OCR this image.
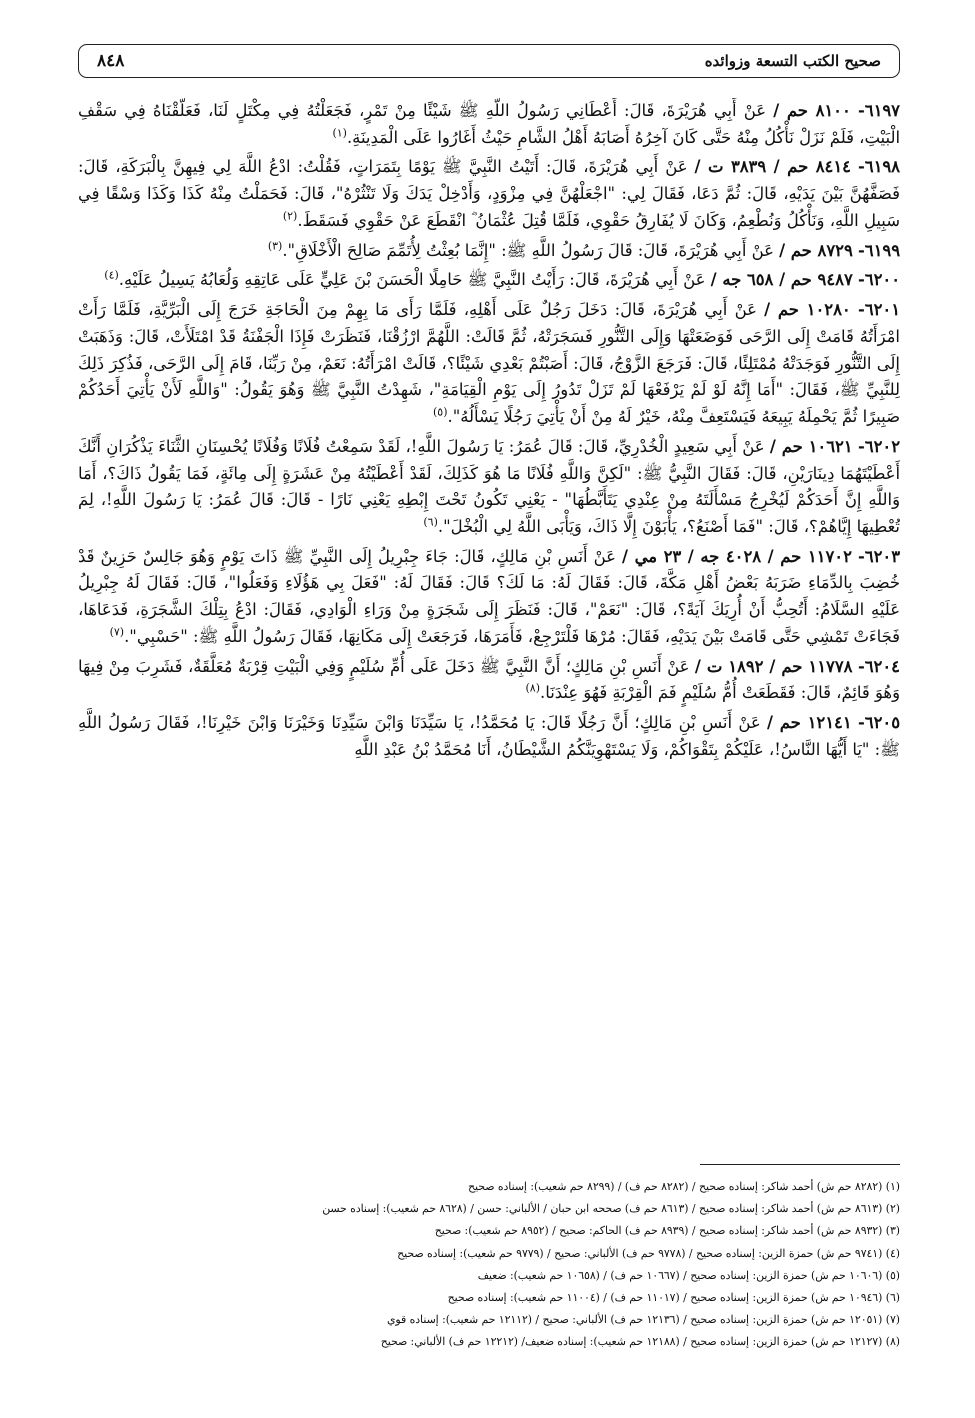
صحيح الكتب التسعة وزوائده
٨٤٨

٦١٩٧- ٨١٠٠ حم / عَنْ أَبِي هُرَيْرَةَ، قَالَ: أَعْطَانِي رَسُولُ اللَّهِ ﷺ شَيْئًا مِنْ تَمْرٍ، فَجَعَلْتُهُ فِي مِكْتَلٍ لَنَا، فَعَلَّقْنَاهُ فِي سَقْفِ الْبَيْتِ، فَلَمْ نَزَلْ نَأْكُلُ مِنْهُ حَتَّى كَانَ آخِرُهُ أَصَابَهُ أَهْلُ الشَّامِ حَيْثُ أَغَارُوا عَلَى الْمَدِينَةِ.$^{(١)}$

٦١٩٨- ٨٤١٤ حم / ٣٨٣٩ ت / عَنْ أَبِي هُرَيْرَةَ، قَالَ: أَتَيْتُ النَّبِيَّ ﷺ يَوْمًا بِتَمَرَاتٍ، فَقُلْتُ: ادْعُ اللَّهَ لِي فِيهِنَّ بِالْبَرَكَةِ، قَالَ: فَصَفَّهُنَّ بَيْنَ يَدَيْهِ، قَالَ: ثُمَّ دَعَا، فَقَالَ لِي: "اجْعَلْهُنَّ فِي مِزْوَدٍ، وَأَدْخِلْ يَدَكَ وَلَا تَنْثُرْهُ"، قَالَ: فَحَمَلْتُ مِنْهُ كَذَا وَكَذَا وَسْقًا فِي سَبِيلِ اللَّهِ، وَنَأْكُلُ وَنُطْعِمُ، وَكَانَ لَا يُفَارِقُ حَقْوِي، فَلَمَّا قُتِلَ عُثْمَانُ ؓ انْقَطَعَ عَنْ حَقْوِي فَسَقَطَ.$^{(٢)}$

٦١٩٩- ٨٧٢٩ حم / عَنْ أَبِي هُرَيْرَةَ، قَالَ: قَالَ رَسُولُ اللَّهِ ﷺ: "إِنَّمَا بُعِثْتُ لِأُتَمِّمَ صَالِحَ الْأَخْلَاقِ".$^{(٣)}$

٦٢٠٠- ٩٤٨٧ حم / ٦٥٨ جه / عَنْ أَبِي هُرَيْرَةَ، قَالَ: رَأَيْتُ النَّبِيَّ ﷺ حَامِلًا الْحَسَنَ بْنَ عَلِيٍّ عَلَى عَاتِقِهِ وَلُعَابُهُ يَسِيلُ عَلَيْهِ.$^{(٤)}$

٦٢٠١- ١٠٢٨٠ حم / عَنْ أَبِي هُرَيْرَةَ، قَالَ: دَخَلَ رَجُلٌ عَلَى أَهْلِهِ، فَلَمَّا رَأَى مَا بِهِمْ مِنَ الْحَاجَةِ خَرَجَ إِلَى الْبَرِّيَّةِ، فَلَمَّا رَأَتْ امْرَأَتُهُ قَامَتْ إِلَى الرَّحَى فَوَضَعَتْهَا وَإِلَى التَّنُّورِ فَسَجَرَتْهُ، ثُمَّ قَالَتْ: اللَّهُمَّ ارْزُقْنَا، فَنَظَرَتْ فَإِذَا الْجَفْنَةُ قَدْ امْتَلَأَتْ، قَالَ: وَذَهَبَتْ إِلَى التَّنُّورِ فَوَجَدَتْهُ مُمْتَلِئًا، قَالَ: فَرَجَعَ الزَّوْجُ، قَالَ: أَصَبْتُمْ بَعْدِي شَيْئًا؟، قَالَتْ امْرَأَتُهُ: نَعَمْ، مِنْ رَبِّنَا، قَامَ إِلَى الرَّحَى، فَذُكِرَ ذَلِكَ لِلنَّبِيِّ ﷺ، فَقَالَ: "أَمَا إِنَّهُ لَوْ لَمْ يَرْفَعْهَا لَمْ تَزَلْ تَدُورُ إِلَى يَوْمِ الْقِيَامَةِ"، شَهِدْتُ النَّبِيَّ ﷺ وَهُوَ يَقُولُ: "وَاللَّهِ لَأَنْ يَأْتِيَ أَحَدُكُمْ صَبِيرًا ثُمَّ يَحْمِلَهُ يَبِيعَهُ فَيَسْتَعِفَّ مِنْهُ، خَيْرٌ لَهُ مِنْ أَنْ يَأْتِيَ رَجُلًا يَسْأَلُهُ".$^{(٥)}$

٦٢٠٢- ١٠٦٢١ حم / عَنْ أَبِي سَعِيدٍ الْخُدْرِيِّ، قَالَ: قَالَ عُمَرُ: يَا رَسُولَ اللَّهِ!، لَقَدْ سَمِعْتُ فُلَانًا وَفُلَانًا يُحْسِنَانِ الثَّنَاءَ يَذْكُرَانِ أَنَّكَ أَعْطَيْتَهُمَا دِينَارَيْنِ، قَالَ: فَقَالَ النَّبِيُّ ﷺ: "لَكِنَّ وَاللَّهِ فُلَانًا مَا هُوَ كَذَلِكَ، لَقَدْ أَعْطَيْتُهُ مِنْ عَشَرَةٍ إِلَى مِائَةٍ، فَمَا يَقُولُ ذَاكَ؟، أَمَا وَاللَّهِ إِنَّ أَحَدَكُمْ لَيُخْرِجُ مَسْأَلَتَهُ مِنْ عِنْدِي يَتَأَبَّطُهَا" - يَعْنِي تَكُونُ تَحْتَ إِبْطِهِ يَعْنِي نَارًا - قَالَ: قَالَ عُمَرُ: يَا رَسُولَ اللَّهِ!، لِمَ تُعْطِيهَا إِيَّاهُمْ؟، قَالَ: "فَمَا أَصْنَعُ؟، يَأْبَوْنَ إِلَّا ذَاكَ، وَيَأْبَى اللَّهُ لِي الْبُخْلَ".$^{(٦)}$

٦٢٠٣- ١١٧٠٢ حم / ٤٠٢٨ جه / ٢٣ مي / عَنْ أَنَسِ بْنِ مَالِكٍ، قَالَ: جَاءَ جِبْرِيلُ إِلَى النَّبِيِّ ﷺ ذَاتَ يَوْمٍ وَهُوَ جَالِسٌ حَزِينٌ قَدْ خُضِبَ بِالدِّمَاءِ ضَرَبَهُ بَعْضُ أَهْلِ مَكَّةَ، قَالَ: فَقَالَ لَهُ: مَا لَكَ؟ قَالَ: فَقَالَ لَهُ: "فَعَلَ بِي هَؤُلَاءِ وَفَعَلُوا"، قَالَ: فَقَالَ لَهُ جِبْرِيلُ عَلَيْهِ السَّلَامُ: أَتُحِبُّ أَنْ أُرِيَكَ آيَةً؟، قَالَ: "نَعَمْ"، قَالَ: فَنَظَرَ إِلَى شَجَرَةٍ مِنْ وَرَاءِ الْوَادِي، فَقَالَ: ادْعُ بِتِلْكَ الشَّجَرَةِ، فَدَعَاهَا، فَجَاءَتْ تَمْشِي حَتَّى قَامَتْ بَيْنَ يَدَيْهِ، فَقَالَ: مُرْهَا فَلْتَرْجِعْ، فَأَمَرَهَا، فَرَجَعَتْ إِلَى مَكَانِهَا، فَقَالَ رَسُولُ اللَّهِ ﷺ: "حَسْبِي".$^{(٧)}$

٦٢٠٤- ١١٧٧٨ حم / ١٨٩٢ ت / عَنْ أَنَسِ بْنِ مَالِكٍ؛ أَنَّ النَّبِيَّ ﷺ دَخَلَ عَلَى أُمِّ سُلَيْمٍ وَفِي الْبَيْتِ قِرْبَةٌ مُعَلَّقَةٌ، فَشَرِبَ مِنْ فِيهَا وَهُوَ قَائِمٌ، قَالَ: فَقَطَعَتْ أُمُّ سُلَيْمٍ فَمَ الْقِرْبَةِ فَهُوَ عِنْدَنَا.$^{(٨)}$

٦٢٠٥- ١٢١٤١ حم / عَنْ أَنَسِ بْنِ مَالِكٍ؛ أَنَّ رَجُلًا قَالَ: يَا مُحَمَّدُ!، يَا سَيِّدَنَا وَابْنَ سَيِّدِنَا وَخَيْرَنَا وَابْنَ خَيْرِنَا!، فَقَالَ رَسُولُ اللَّهِ ﷺ: "يَا أَيُّهَا النَّاسُ!، عَلَيْكُمْ بِتَقْوَاكُمْ، وَلَا يَسْتَهْوِيَنَّكُمُ الشَّيْطَانُ، أَنَا مُحَمَّدُ بْنُ عَبْدِ اللَّهِ

(١) (٨٢٨٢ حم ش) أحمد شاكر: إسناده صحيح / (٨٢٨٢ حم ف) / (٨٢٩٩ حم شعيب): إسناده صحيح
(٢) (٨٦١٣ حم ش) أحمد شاكر: إسناده صحيح / (٨٦١٣ حم ف) صححه ابن حبان / الألباني: حسن / (٨٦٢٨ حم شعيب): إسناده حسن
(٣) (٨٩٣٢ حم ش) أحمد شاكر: إسناده صحيح / (٨٩٣٩ حم ف) الحاكم: صحيح / (٨٩٥٢ حم شعيب): صحيح
(٤) (٩٧٤١ حم ش) حمزة الزين: إسناده صحيح / (٩٧٧٨ حم ف) الألباني: صحيح / (٩٧٧٩ حم شعيب): إسناده صحيح
(٥) (١٠٦٠٦ حم ش) حمزة الزين: إسناده صحيح / (١٠٦٦٧ حم ف) / (١٠٦٥٨ حم شعيب): ضعيف
(٦) (١٠٩٤٦ حم ش) حمزة الزين: إسناده صحيح / (١١٠١٧ حم ف) / (١١٠٠٤ حم شعيب): إسناده صحيح
(٧) (١٢٠٥١ حم ش) حمزة الزين: إسناده صحيح / (١٢١٣٦ حم ف) الألباني: صحيح / (١٢١١٢ حم شعيب): إسناده قوي
(٨) (١٢١٢٧ حم ش) حمزة الزين: إسناده صحيح / (١٢١٨٨ حم شعيب): إسناده ضعيف/ (١٢٢١٢ حم ف) الألباني: صحيح
